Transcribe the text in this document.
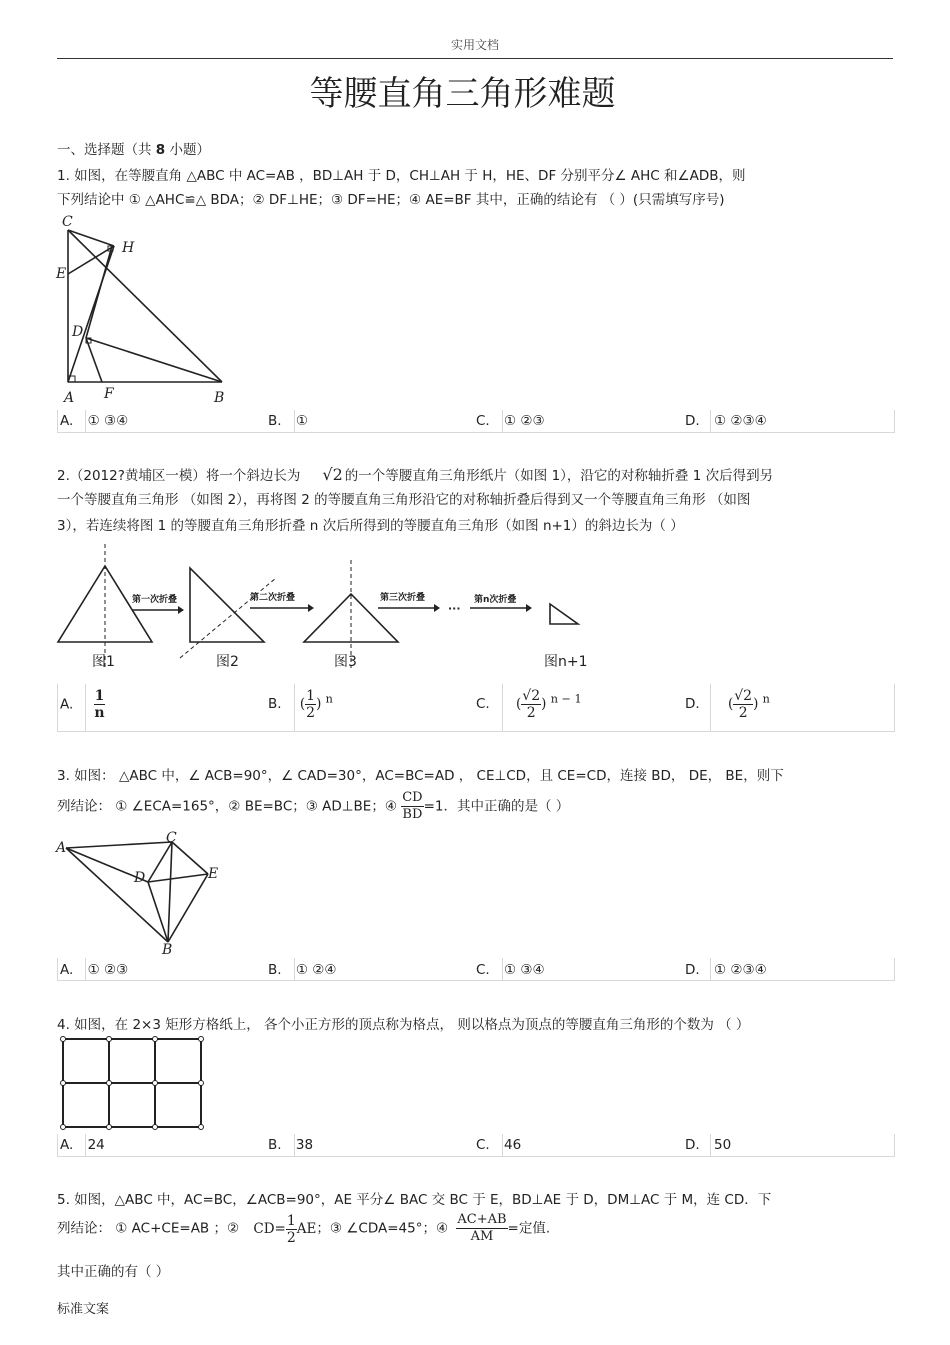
实用文档
等腰直角三角形难题
一、选择题（共 8 小题）
1. 如图，在等腰直角 △ABC 中 AC=AB ，BD⊥AH 于 D，CH⊥AH 于 H，HE、DF 分别平分∠ AHC 和∠ADB，则
下列结论中 ① △AHC≌△ BDA；② DF⊥HE；③ DF=HE；④ AE=BF 其中，正确的结论有 （ ）(只需填写序号)
C
H
E
D
A F	B
A. ① ③④	B. ①	C. ① ②③	D. ① ②③④
2.（2012?黄埔区一模）将一个斜边长为 √2 的一个等腰直角三角形纸片（如图 1），沿它的对称轴折叠 1 次后得到另
一个等腰直角三角形 （如图 2），再将图 2 的等腰直角三角形沿它的对称轴折叠后得到又一个等腰直角三角形 （如图
3），若连续将图 1 的等腰直角三角形折叠 n 次后所得到的等腰直角三角形（如图 n+1）的斜边长为（ ）
第一次折叠	第二次折叠	第三次折叠	第n次折叠
···
图1	图2	图3	图n+1
A. $\frac{1}{n}$	B. ( $\frac{1}{2}$ ) $^n$	C. ( $\frac{√2}{2}$ ) $^{n - 1}$	D. ( $\frac{√2}{2}$ ) $^n$
3. 如图： △ABC 中，∠ ACB=90°，∠ CAD=30°，AC=BC=AD ， CE⊥CD，且 CE=CD，连接 BD， DE， BE，则下
列结论： ① ∠ECA=165°，② BE=BC；③ AD⊥BE；④ $\frac{CD}{BD} =1$．其中正确的是（ ）
A
C
D	E
B
A. ① ②③	B. ① ②④	C. ① ③④	D. ① ②③④
4. 如图，在 2×3 矩形方格纸上， 各个小正方形的顶点称为格点， 则以格点为顶点的等腰直角三角形的个数为 （ ）
A. 24	B. 38	C. 46	D. 50
5. 如图，△ABC 中，AC=BC，∠ACB=90°，AE 平分∠ BAC 交 BC 于 E，BD⊥AE 于 D，DM⊥AC 于 M，连 CD．下
列结论： ① AC+CE=AB ；② $CD= \frac{1}{2}$ AE；③ ∠CDA=45°；④ $\frac{AC+AB}{AM}$ =定值.
其中正确的有（ ）
标准文案
